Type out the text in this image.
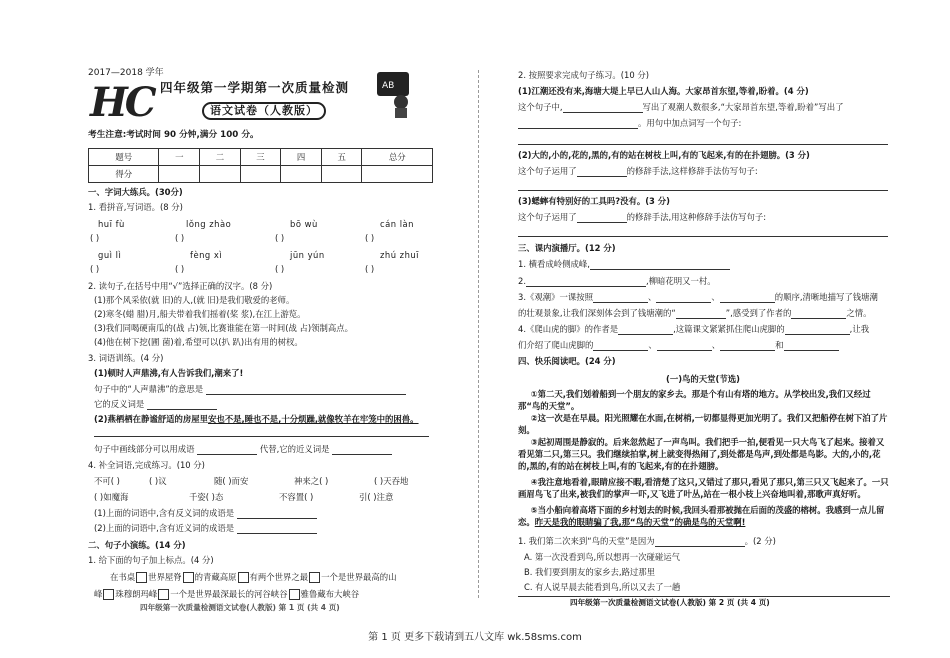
2017—2018 学年
HC 四年级第一学期第一次质量检测
语文试卷（人教版）
AB
考生注意:考试时间 90 分钟,满分 100 分。
题号	一	二	三	四	五	总分
得分						
一、字词大练兵。(30分)
1. 看拼音,写词语。(8 分)
huī fù	lǒng zhào	bō wù	cán làn
( )	( )	( )	( )
guì lì	fèng xì	jūn yún	zhú zhuī
( )	( )	( )	( )
2. 读句子,在括号中用“√”选择正确的汉字。(8 分)
(1)那个风采依(就 旧)的人,(就 旧)是我们敬爱的老师。
(2)寒冬(蜡 腊)月,船夫带着我们摇着(桨 浆),在江上游览。
(3)我们同喝硬南瓜的(战 占)领,比赛谁能在第一时间(战 占)领制高点。
(4)他在树下挖(圃 菌)着,希望可以(扒 趴)出有用的树杈。
3. 词语训练。(4 分)
(1)顿时人声鼎沸,有人告诉我们,潮来了!
句子中的“人声鼎沸”的意思是
它的反义词是
(2)燕栖栖在静谧舒适的房屋里安也不是,睡也不是,十分烦躁,就像牧羊在牢笼中的困兽。
句子中画线部分可以用成语	代替,它的近义词是
4. 补全词语,完成练习。(10 分)
不可( )	( )议	随( )而安	神来之( )	( )天吞地
( )如魔海	千姿( )态	不容置( )	引( )注意
(1)上面的词语中,含有反义词的成语是
(2)上面的词语中,含有近义词的成语是
二、句子小演练。(14 分)
1. 给下面的句子加上标点。(4 分)
在书桌 世界屋脊 的青藏高原 有两个世界之最 一个是世界最高的山
峰 珠穆朗玛峰 一个是世界最深最长的河谷峡谷 雅鲁藏布大峡谷
四年级第一次质量检测语文试卷(人教版) 第 1 页 (共 4 页)
2. 按照要求完成句子练习。(10 分)
(1)江潮还没有来,海塘大堤上早已人山人海。大家昂首东望,等着,盼着。(4 分)
这个句子中,	写出了观潮人数很多,“大家昂首东望,等着,盼着”写出了
。用句中加点词写一个句子:
(2)大的,小的,花的,黑的,有的站在树枝上叫,有的飞起来,有的在扑翅膀。(3 分)
这个句子运用了	的修辞手法,这样修辞手法仿写句子:
(3)蟋蟀有特别好的工具吗?没有。(3 分)
这个句子运用了	的修辞手法,用这种修辞手法仿写句子:
三、课内演播厅。(12 分)
1. 横看成岭侧成峰,
2.	,柳暗花明又一村。
3.《观潮》一课按照	、	、	的顺序,清晰地描写了钱塘潮
的壮观景象,让我们深刻体会到了钱塘潮的“	”,感受到了作者的	之情。
4.《爬山虎的脚》的作者是	,这篇课文紧紧抓住爬山虎脚的	,让我
们介绍了爬山虎脚的	、	、	和
四、快乐阅读吧。(24 分)
(一)鸟的天堂(节选)
①第二天,我们划着船到一个朋友的家乡去。那是个有山有塔的地方。从学校出发,我们又经过那“鸟的天堂”。
②这一次是在早晨。阳光照耀在水面,在树梢,一切都显得更加光明了。我们又把船停在树下泊了片刻。
③起初周围是静寂的。后来忽然起了一声鸟叫。我们把手一拍,便看见一只大鸟飞了起来。接着又看见第二只,第三只。我们继续拍掌,树上就变得热闹了,到处都是鸟声,到处都是鸟影。大的,小的,花的,黑的,有的站在树枝上叫,有的飞起来,有的在扑翅膀。
④我注意地看着,眼睛应接不暇,看清楚了这只,又错过了那只,看见了那只,第三只又飞起来了。一只画眉鸟飞了出来,被我们的掌声一吓,又飞进了叶丛,站在一根小枝上兴奋地叫着,那歌声真好听。
⑤当小船向着高塔下面的乡村划去的时候,我回头看那被抛在后面的茂盛的榕树。我感到一点儿留恋。昨天是我的眼睛骗了我,那“鸟的天堂”的确是鸟的天堂啊!
1. 我们第二次来到“鸟的天堂”是因为	。(2 分)
A. 第一次没看到鸟,所以想再一次碰碰运气
B. 我们要到朋友的家乡去,路过那里
C. 有人说早晨去能看到鸟,所以又去了一趟
四年级第一次质量检测语文试卷(人教版) 第 2 页 (共 4 页)
第 1 页 更多下载请到五八文库 wk.58sms.com
